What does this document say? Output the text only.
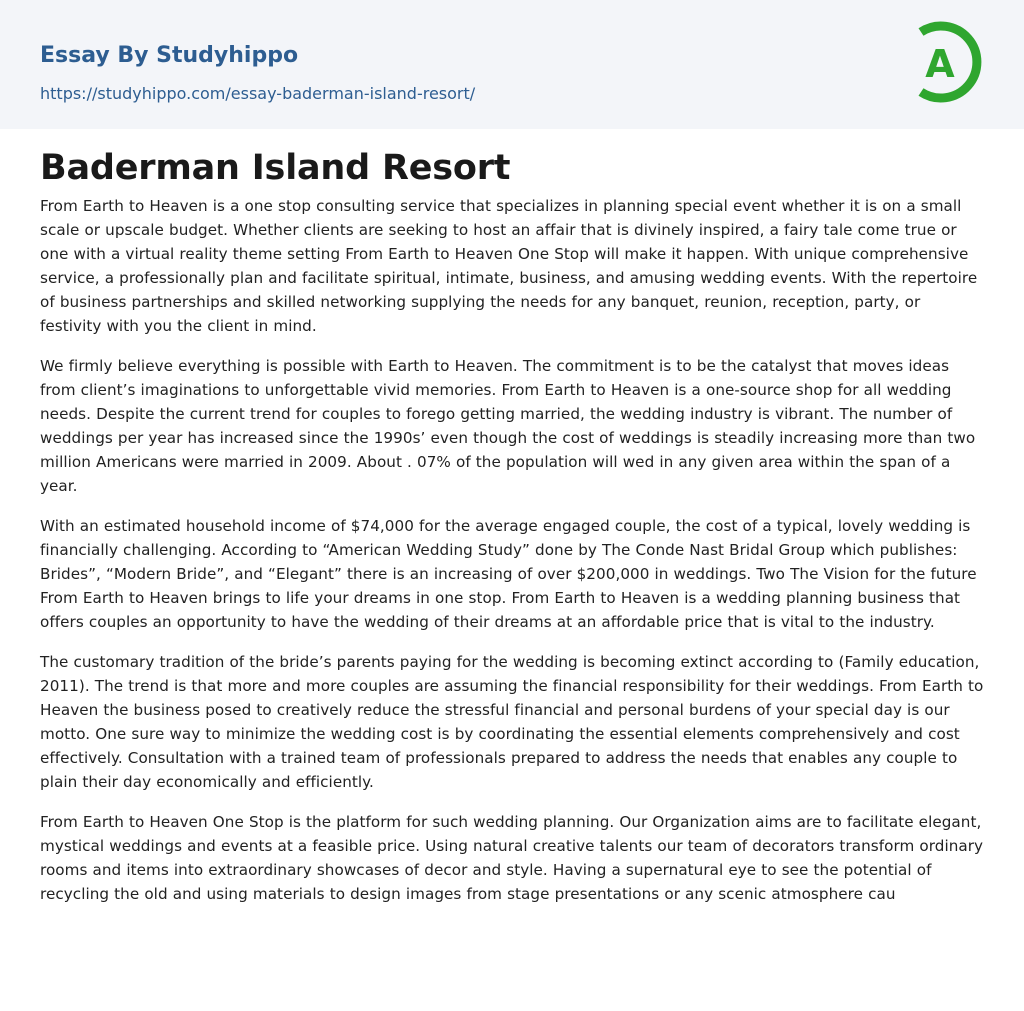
Essay By Studyhippo
https://studyhippo.com/essay-baderman-island-resort/
A
Baderman Island Resort

From Earth to Heaven is a one stop consulting service that specializes in planning special event whether it is on a small scale or upscale budget. Whether clients are seeking to host an affair that is divinely inspired, a fairy tale come true or one with a virtual reality theme setting From Earth to Heaven One Stop will make it happen. With unique comprehensive service, a professionally plan and facilitate spiritual, intimate, business, and amusing wedding events. With the repertoire of business partnerships and skilled networking supplying the needs for any banquet, reunion, reception, party, or festivity with you the client in mind.

We firmly believe everything is possible with Earth to Heaven. The commitment is to be the catalyst that moves ideas from client’s imaginations to unforgettable vivid memories. From Earth to Heaven is a one-source shop for all wedding needs. Despite the current trend for couples to forego getting married, the wedding industry is vibrant. The number of weddings per year has increased since the 1990s’ even though the cost of weddings is steadily increasing more than two million Americans were married in 2009. About . 07% of the population will wed in any given area within the span of a year.

With an estimated household income of $74,000 for the average engaged couple, the cost of a typical, lovely wedding is financially challenging. According to “American Wedding Study” done by The Conde Nast Bridal Group which publishes: Brides”, “Modern Bride”, and “Elegant” there is an increasing of over $200,000 in weddings. Two The Vision for the future From Earth to Heaven brings to life your dreams in one stop. From Earth to Heaven is a wedding planning business that offers couples an opportunity to have the wedding of their dreams at an affordable price that is vital to the industry.

The customary tradition of the bride’s parents paying for the wedding is becoming extinct according to (Family education, 2011). The trend is that more and more couples are assuming the financial responsibility for their weddings. From Earth to Heaven the business posed to creatively reduce the stressful financial and personal burdens of your special day is our motto. One sure way to minimize the wedding cost is by coordinating the essential elements comprehensively and cost effectively. Consultation with a trained team of professionals prepared to address the needs that enables any couple to plain their day economically and efficiently.

From Earth to Heaven One Stop is the platform for such wedding planning. Our Organization aims are to facilitate elegant, mystical weddings and events at a feasible price. Using natural creative talents our team of decorators transform ordinary rooms and items into extraordinary showcases of decor and style. Having a supernatural eye to see the potential of recycling the old and using materials to design images from stage presentations or any scenic atmosphere cau
